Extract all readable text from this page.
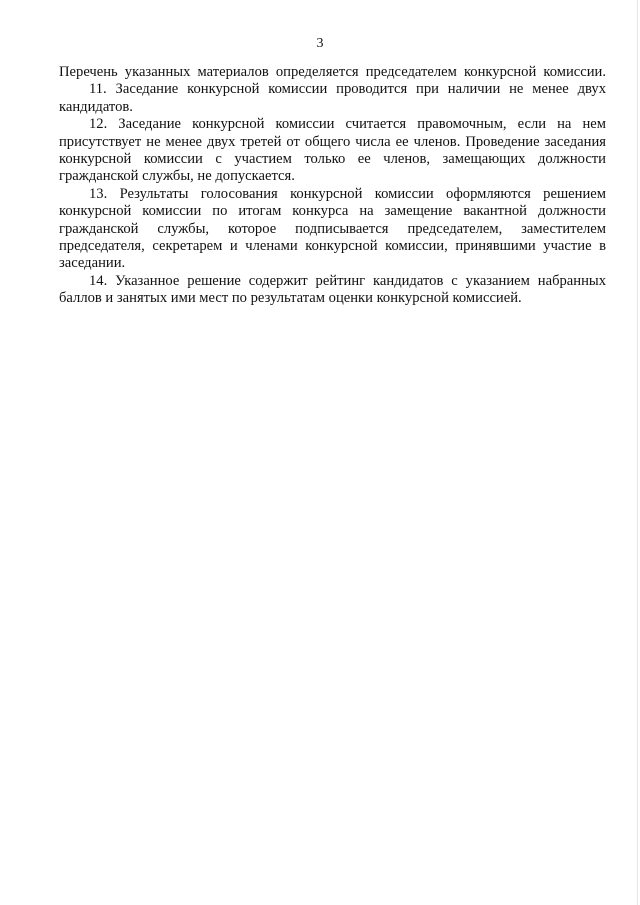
3

Перечень указанных материалов определяется председателем конкурсной комиссии.

11. Заседание конкурсной комиссии проводится при наличии не менее двух кандидатов.

12. Заседание конкурсной комиссии считается правомочным, если на нем присутствует не менее двух третей от общего числа ее членов. Проведение заседания конкурсной комиссии с участием только ее членов, замещающих должности гражданской службы, не допускается.

13. Результаты голосования конкурсной комиссии оформляются решением конкурсной комиссии по итогам конкурса на замещение вакантной должности гражданской службы, которое подписывается председателем, заместителем председателя, секретарем и членами конкурсной комиссии, принявшими участие в заседании.

14. Указанное решение содержит рейтинг кандидатов с указанием набранных баллов и занятых ими мест по результатам оценки конкурсной комиссией.
